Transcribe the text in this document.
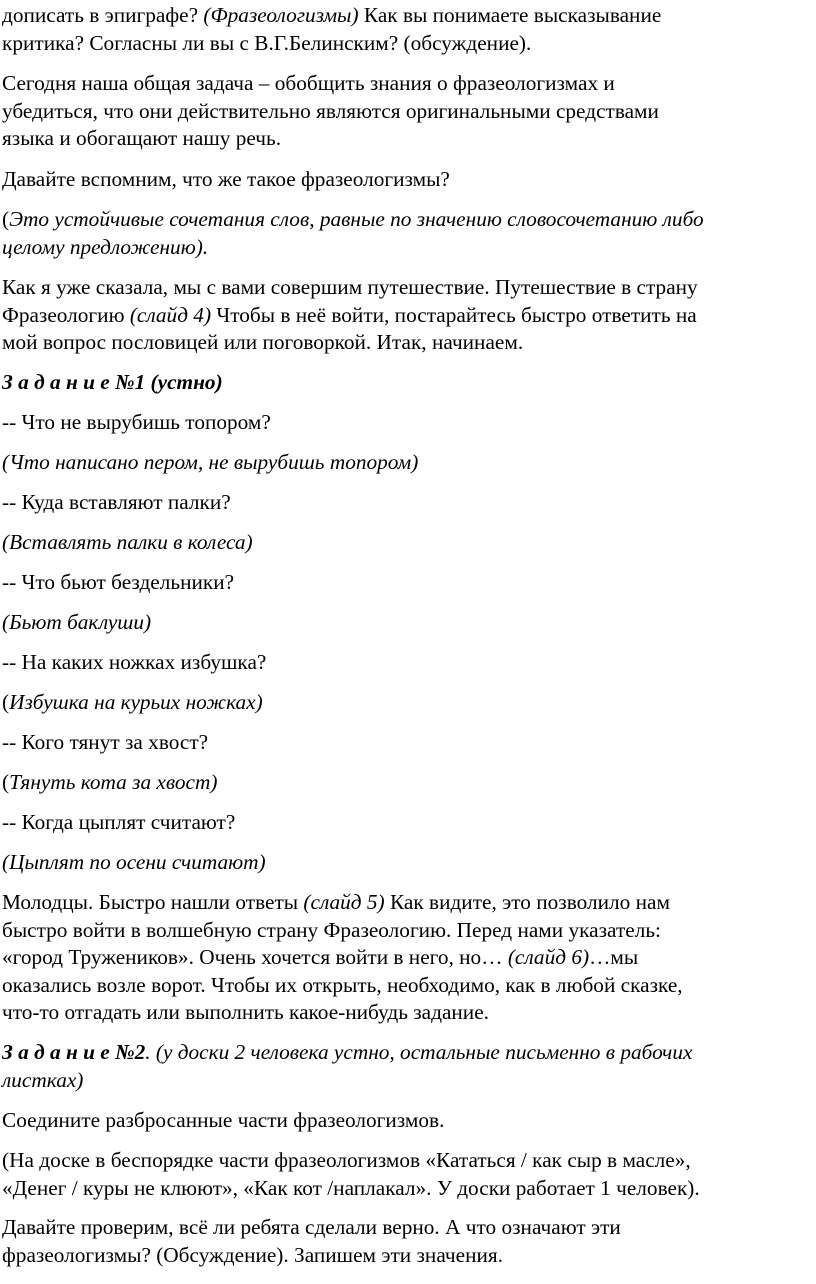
дописать в эпиграфе? (Фразеологизмы) Как вы понимаете высказывание
критика? Согласны ли вы с В.Г.Белинским? (обсуждение).

Сегодня наша общая задача – обобщить знания о фразеологизмах и
убедиться, что они действительно являются оригинальными средствами
языка и обогащают нашу речь.

Давайте вспомним, что же такое фразеологизмы?

(Это устойчивые сочетания слов, равные по значению словосочетанию либо
целому предложению).

Как я уже сказала, мы с вами совершим путешествие. Путешествие в страну
Фразеологию (слайд 4) Чтобы в неё войти, постарайтесь быстро ответить на
мой вопрос пословицей или поговоркой. Итак, начинаем.

З а д а н и е №1 (устно)

-- Что не вырубишь топором?

(Что написано пером, не вырубишь топором)

-- Куда вставляют палки?

(Вставлять палки в колеса)

-- Что бьют бездельники?

(Бьют баклуши)

-- На каких ножках избушка?

(Избушка на курьих ножках)

-- Кого тянут за хвост?

(Тянуть кота за хвост)

-- Когда цыплят считают?

(Цыплят по осени считают)

Молодцы. Быстро нашли ответы (слайд 5) Как видите, это позволило нам
быстро войти в волшебную страну Фразеологию. Перед нами указатель:
«город Тружеников». Очень хочется войти в него, но… (слайд 6)…мы
оказались возле ворот. Чтобы их открыть, необходимо, как в любой сказке,
что-то отгадать или выполнить какое-нибудь задание.

З а д а н и е №2. (у доски 2 человека устно, остальные письменно в рабочих
листках)

Соедините разбросанные части фразеологизмов.

(На доске в беспорядке части фразеологизмов «Кататься / как сыр в масле»,
«Денег / куры не клюют», «Как кот /наплакал». У доски работает 1 человек).

Давайте проверим, всё ли ребята сделали верно. А что означают эти
фразеологизмы? (Обсуждение). Запишем эти значения.
